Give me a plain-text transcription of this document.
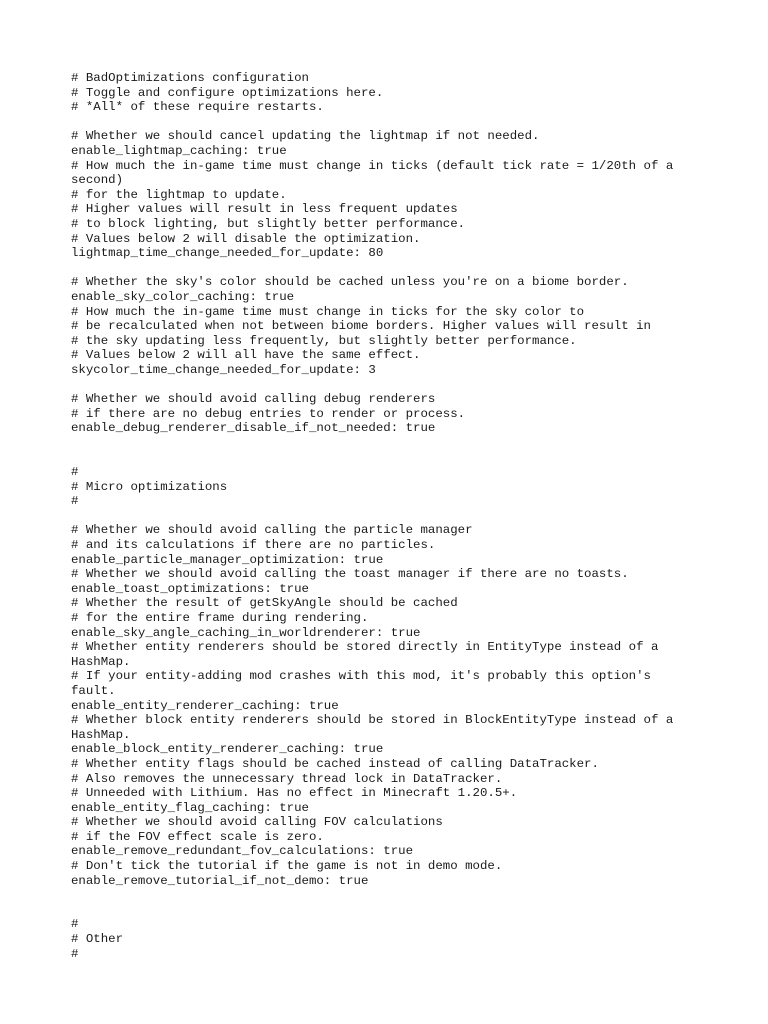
# BadOptimizations configuration
# Toggle and configure optimizations here.
# *All* of these require restarts.
# Whether we should cancel updating the lightmap if not needed.
enable_lightmap_caching: true
# How much the in-game time must change in ticks (default tick rate = 1/20th of a second)
# for the lightmap to update.
# Higher values will result in less frequent updates
# to block lighting, but slightly better performance.
# Values below 2 will disable the optimization.
lightmap_time_change_needed_for_update: 80
# Whether the sky's color should be cached unless you're on a biome border.
enable_sky_color_caching: true
# How much the in-game time must change in ticks for the sky color to
# be recalculated when not between biome borders. Higher values will result in
# the sky updating less frequently, but slightly better performance.
# Values below 2 will all have the same effect.
skycolor_time_change_needed_for_update: 3
# Whether we should avoid calling debug renderers
# if there are no debug entries to render or process.
enable_debug_renderer_disable_if_not_needed: true
#
# Micro optimizations
#
# Whether we should avoid calling the particle manager
# and its calculations if there are no particles.
enable_particle_manager_optimization: true
# Whether we should avoid calling the toast manager if there are no toasts.
enable_toast_optimizations: true
# Whether the result of getSkyAngle should be cached
# for the entire frame during rendering.
enable_sky_angle_caching_in_worldrenderer: true
# Whether entity renderers should be stored directly in EntityType instead of a HashMap.
# If your entity-adding mod crashes with this mod, it's probably this option's fault.
enable_entity_renderer_caching: true
# Whether block entity renderers should be stored in BlockEntityType instead of a HashMap.
enable_block_entity_renderer_caching: true
# Whether entity flags should be cached instead of calling DataTracker.
# Also removes the unnecessary thread lock in DataTracker.
# Unneeded with Lithium. Has no effect in Minecraft 1.20.5+.
enable_entity_flag_caching: true
# Whether we should avoid calling FOV calculations
# if the FOV effect scale is zero.
enable_remove_redundant_fov_calculations: true
# Don't tick the tutorial if the game is not in demo mode.
enable_remove_tutorial_if_not_demo: true
#
# Other
#
